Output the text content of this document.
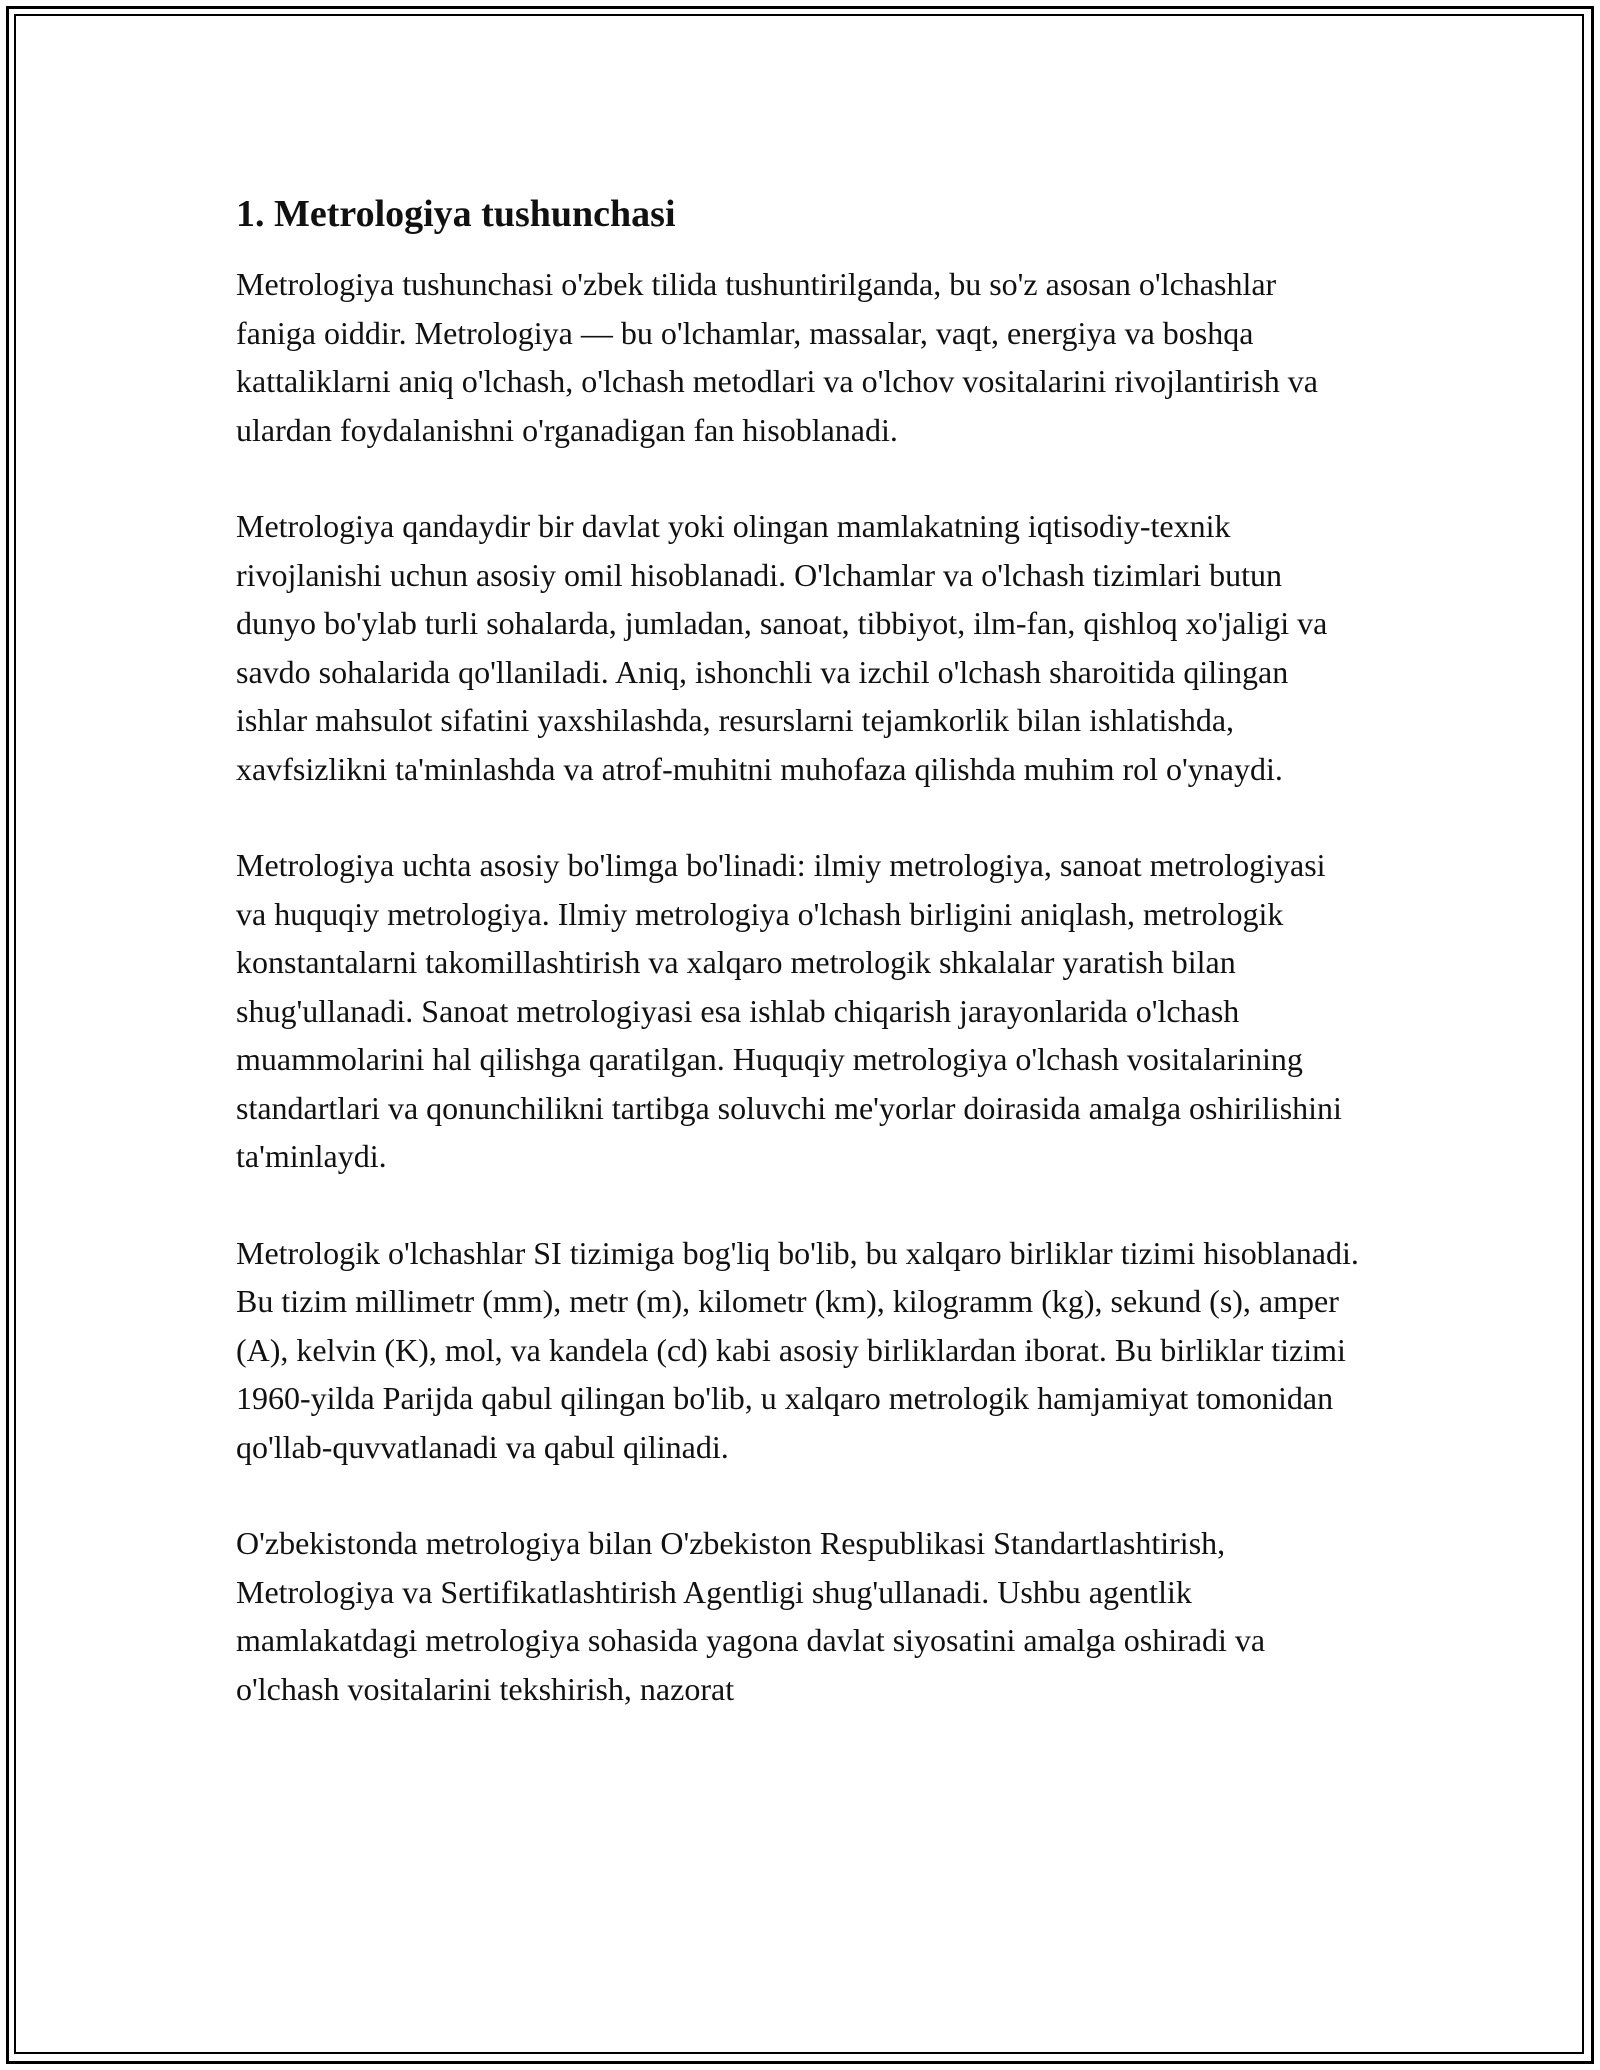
1. Metrologiya tushunchasi

Metrologiya tushunchasi o'zbek tilida tushuntirilganda, bu so'z asosan o'lchashlar faniga oiddir. Metrologiya — bu o'lchamlar, massalar, vaqt, energiya va boshqa kattaliklarni aniq o'lchash, o'lchash metodlari va o'lchov vositalarini rivojlantirish va ulardan foydalanishni o'rganadigan fan hisoblanadi.

Metrologiya qandaydir bir davlat yoki olingan mamlakatning iqtisodiy-texnik rivojlanishi uchun asosiy omil hisoblanadi. O'lchamlar va o'lchash tizimlari butun dunyo bo'ylab turli sohalarda, jumladan, sanoat, tibbiyot, ilm-fan, qishloq xo'jaligi va savdo sohalarida qo'llaniladi. Aniq, ishonchli va izchil o'lchash sharoitida qilingan ishlar mahsulot sifatini yaxshilashda, resurslarni tejamkorlik bilan ishlatishda, xavfsizlikni ta'minlashda va atrof-muhitni muhofaza qilishda muhim rol o'ynaydi.

Metrologiya uchta asosiy bo'limga bo'linadi: ilmiy metrologiya, sanoat metrologiyasi va huquqiy metrologiya. Ilmiy metrologiya o'lchash birligini aniqlash, metrologik konstantalarni takomillashtirish va xalqaro metrologik shkalalar yaratish bilan shug'ullanadi. Sanoat metrologiyasi esa ishlab chiqarish jarayonlarida o'lchash muammolarini hal qilishga qaratilgan. Huquqiy metrologiya o'lchash vositalarining standartlari va qonunchilikni tartibga soluvchi me'yorlar doirasida amalga oshirilishini ta'minlaydi.

Metrologik o'lchashlar SI tizimiga bog'liq bo'lib, bu xalqaro birliklar tizimi hisoblanadi. Bu tizim millimetr (mm), metr (m), kilometr (km), kilogramm (kg), sekund (s), amper (A), kelvin (K), mol, va kandela (cd) kabi asosiy birliklardan iborat. Bu birliklar tizimi 1960-yilda Parijda qabul qilingan bo'lib, u xalqaro metrologik hamjamiyat tomonidan qo'llab-quvvatlanadi va qabul qilinadi.

O'zbekistonda metrologiya bilan O'zbekiston Respublikasi Standartlashtirish, Metrologiya va Sertifikatlashtirish Agentligi shug'ullanadi. Ushbu agentlik mamlakatdagi metrologiya sohasida yagona davlat siyosatini amalga oshiradi va o'lchash vositalarini tekshirish, nazorat
